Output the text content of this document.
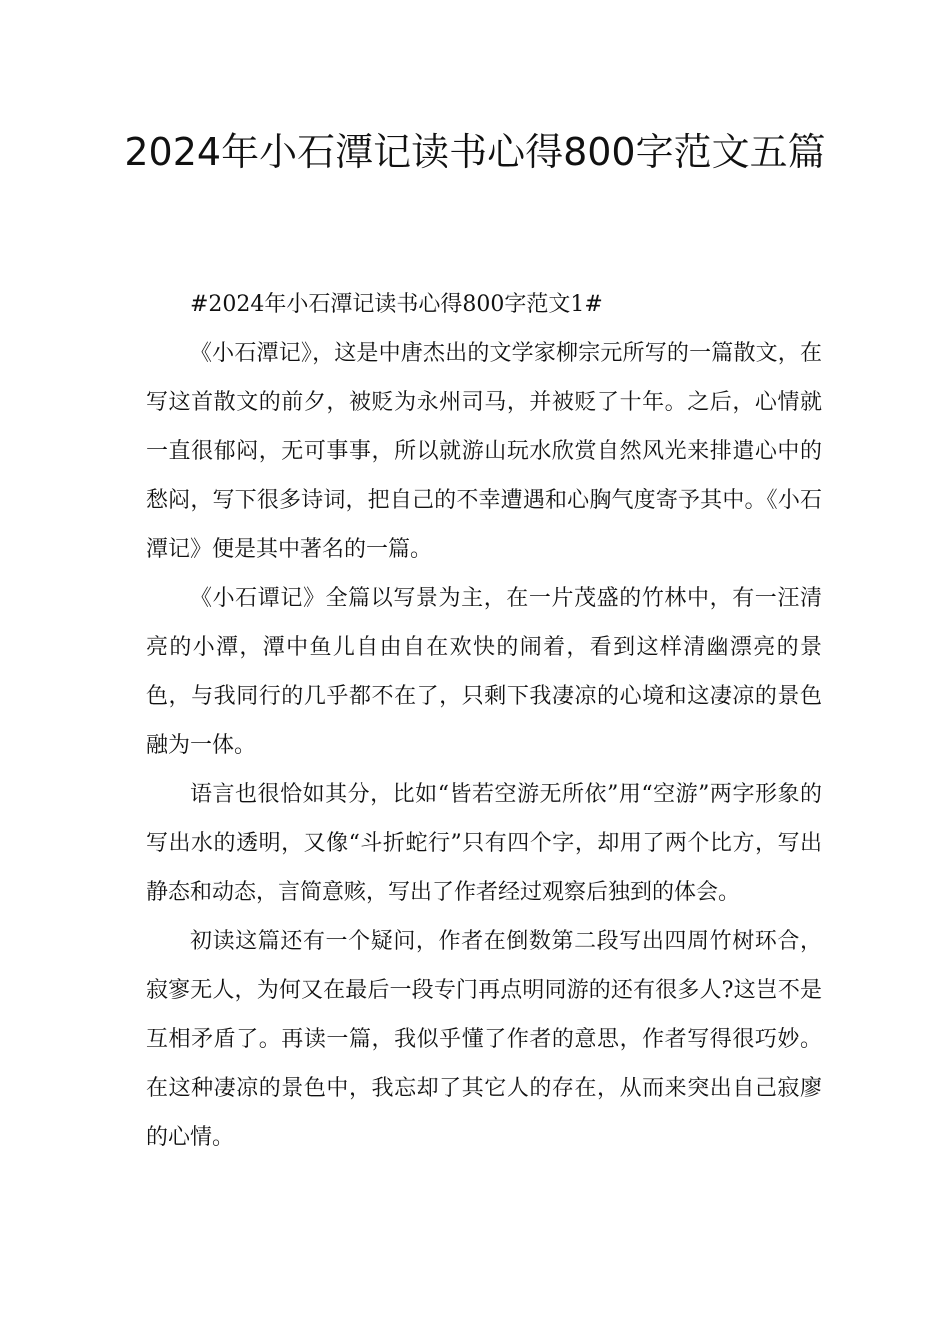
2024年小石潭记读书心得800字范文五篇

#2024年小石潭记读书心得800字范文1#

《小石潭记》，这是中唐杰出的文学家柳宗元所写的一篇散文，在写这首散文的前夕，被贬为永州司马，并被贬了十年。之后，心情就一直很郁闷，无可事事，所以就游山玩水欣赏自然风光来排遣心中的愁闷，写下很多诗词，把自己的不幸遭遇和心胸气度寄予其中。《小石潭记》便是其中著名的一篇。

《小石谭记》全篇以写景为主，在一片茂盛的竹林中，有一汪清亮的小潭，潭中鱼儿自由自在欢快的闹着，看到这样清幽漂亮的景色，与我同行的几乎都不在了，只剩下我凄凉的心境和这凄凉的景色融为一体。

语言也很恰如其分，比如“皆若空游无所依”用“空游”两字形象的写出水的透明，又像“斗折蛇行”只有四个字，却用了两个比方，写出静态和动态，言简意赅，写出了作者经过观察后独到的体会。

初读这篇还有一个疑问，作者在倒数第二段写出四周竹树环合，寂寥无人，为何又在最后一段专门再点明同游的还有很多人?这岂不是互相矛盾了。再读一篇，我似乎懂了作者的意思，作者写得很巧妙。在这种凄凉的景色中，我忘却了其它人的存在，从而来突出自己寂廖的心情。
